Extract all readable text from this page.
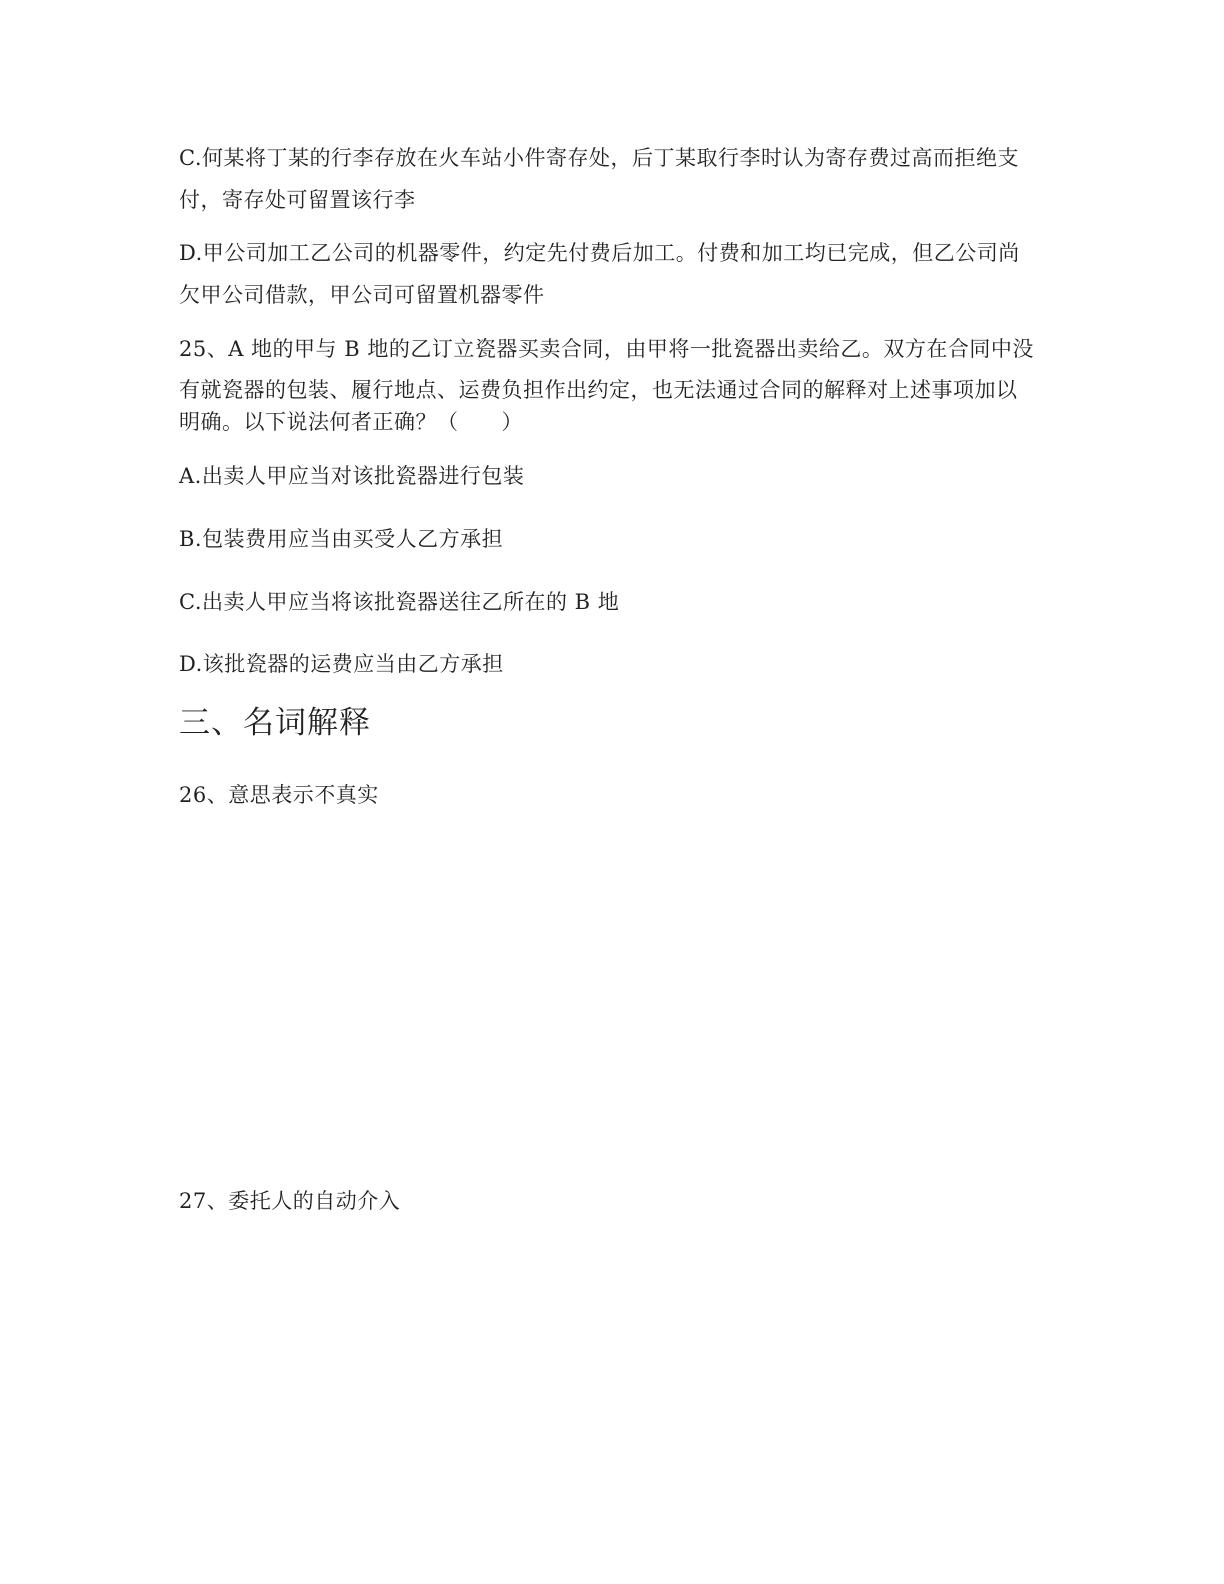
C.何某将丁某的行李存放在火车站小件寄存处，后丁某取行李时认为寄存费过高而拒绝支
付，寄存处可留置该行李
D.甲公司加工乙公司的机器零件，约定先付费后加工。付费和加工均已完成，但乙公司尚
欠甲公司借款，甲公司可留置机器零件
25、A 地的甲与 B 地的乙订立瓷器买卖合同，由甲将一批瓷器出卖给乙。双方在合同中没
有就瓷器的包装、履行地点、运费负担作出约定，也无法通过合同的解释对上述事项加以
明确。以下说法何者正确？（　　）
A.出卖人甲应当对该批瓷器进行包装
B.包装费用应当由买受人乙方承担
C.出卖人甲应当将该批瓷器送往乙所在的 B 地
D.该批瓷器的运费应当由乙方承担
三、名词解释
26、意思表示不真实
27、委托人的自动介入
